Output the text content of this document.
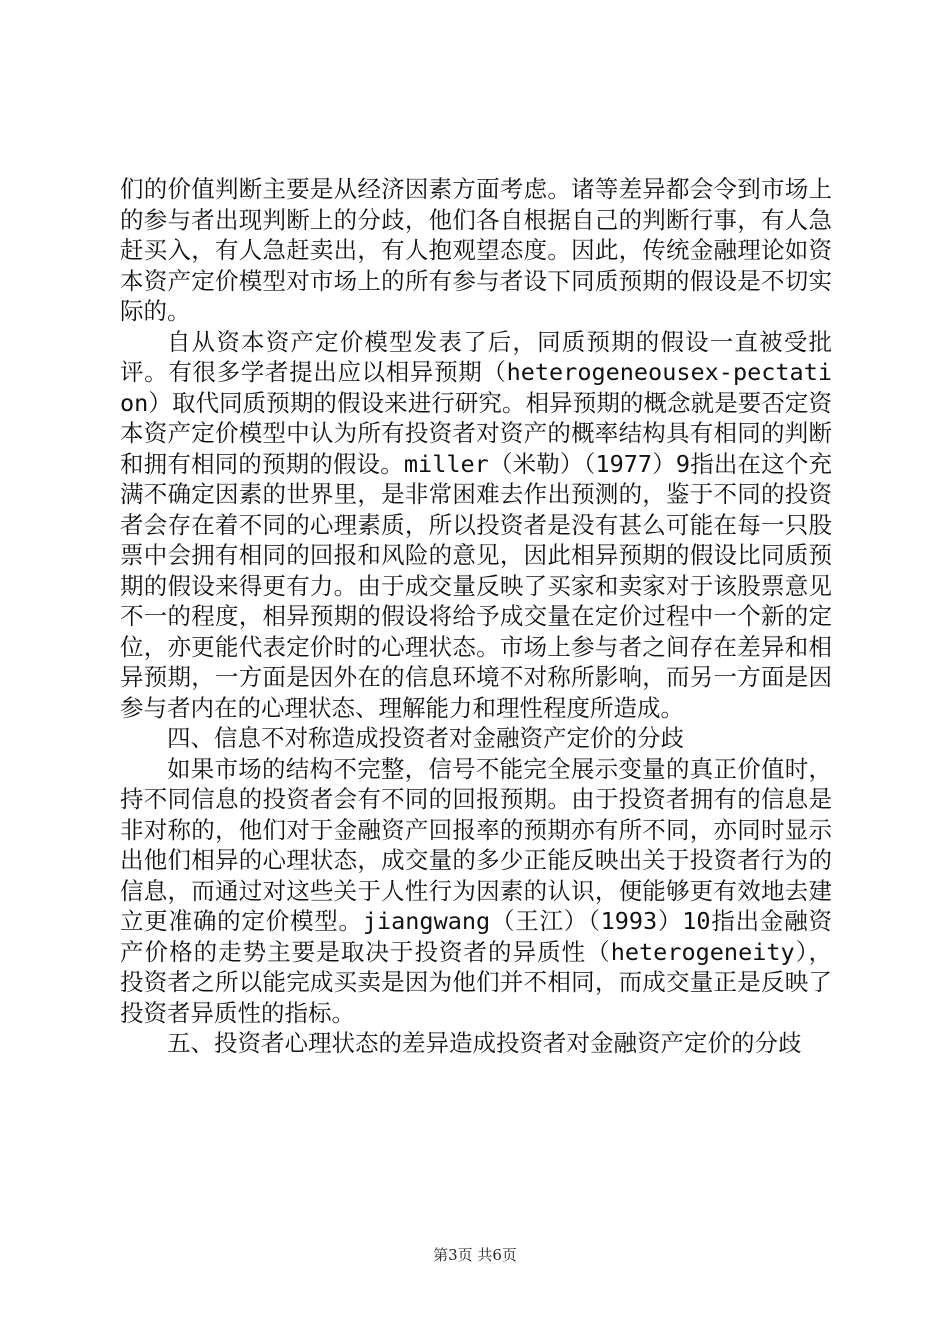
们的价值判断主要是从经济因素方面考虑。诸等差异都会令到市场上的参与者出现判断上的分歧，他们各自根据自己的判断行事，有人急赶买入，有人急赶卖出，有人抱观望态度。因此，传统金融理论如资本资产定价模型对市场上的所有参与者设下同质预期的假设是不切实际的。

自从资本资产定价模型发表了后，同质预期的假设一直被受批评。有很多学者提出应以相异预期（heterogeneousex-pectation）取代同质预期的假设来进行研究。相异预期的概念就是要否定资本资产定价模型中认为所有投资者对资产的概率结构具有相同的判断和拥有相同的预期的假设。miller（米勒）（1977）9指出在这个充满不确定因素的世界里，是非常困难去作出预测的，鉴于不同的投资者会存在着不同的心理素质，所以投资者是没有甚么可能在每一只股票中会拥有相同的回报和风险的意见，因此相异预期的假设比同质预期的假设来得更有力。由于成交量反映了买家和卖家对于该股票意见不一的程度，相异预期的假设将给予成交量在定价过程中一个新的定位，亦更能代表定价时的心理状态。市场上参与者之间存在差异和相异预期，一方面是因外在的信息环境不对称所影响，而另一方面是因参与者内在的心理状态、理解能力和理性程度所造成。

四、信息不对称造成投资者对金融资产定价的分歧

如果市场的结构不完整，信号不能完全展示变量的真正价值时，持不同信息的投资者会有不同的回报预期。由于投资者拥有的信息是非对称的，他们对于金融资产回报率的预期亦有所不同，亦同时显示出他们相异的心理状态，成交量的多少正能反映出关于投资者行为的信息，而通过对这些关于人性行为因素的认识，便能够更有效地去建立更准确的定价模型。jiangwang（王江）（1993）10指出金融资产价格的走势主要是取决于投资者的异质性（heterogeneity），投资者之所以能完成买卖是因为他们并不相同，而成交量正是反映了投资者异质性的指标。

五、投资者心理状态的差异造成投资者对金融资产定价的分歧

第3页 共6页
